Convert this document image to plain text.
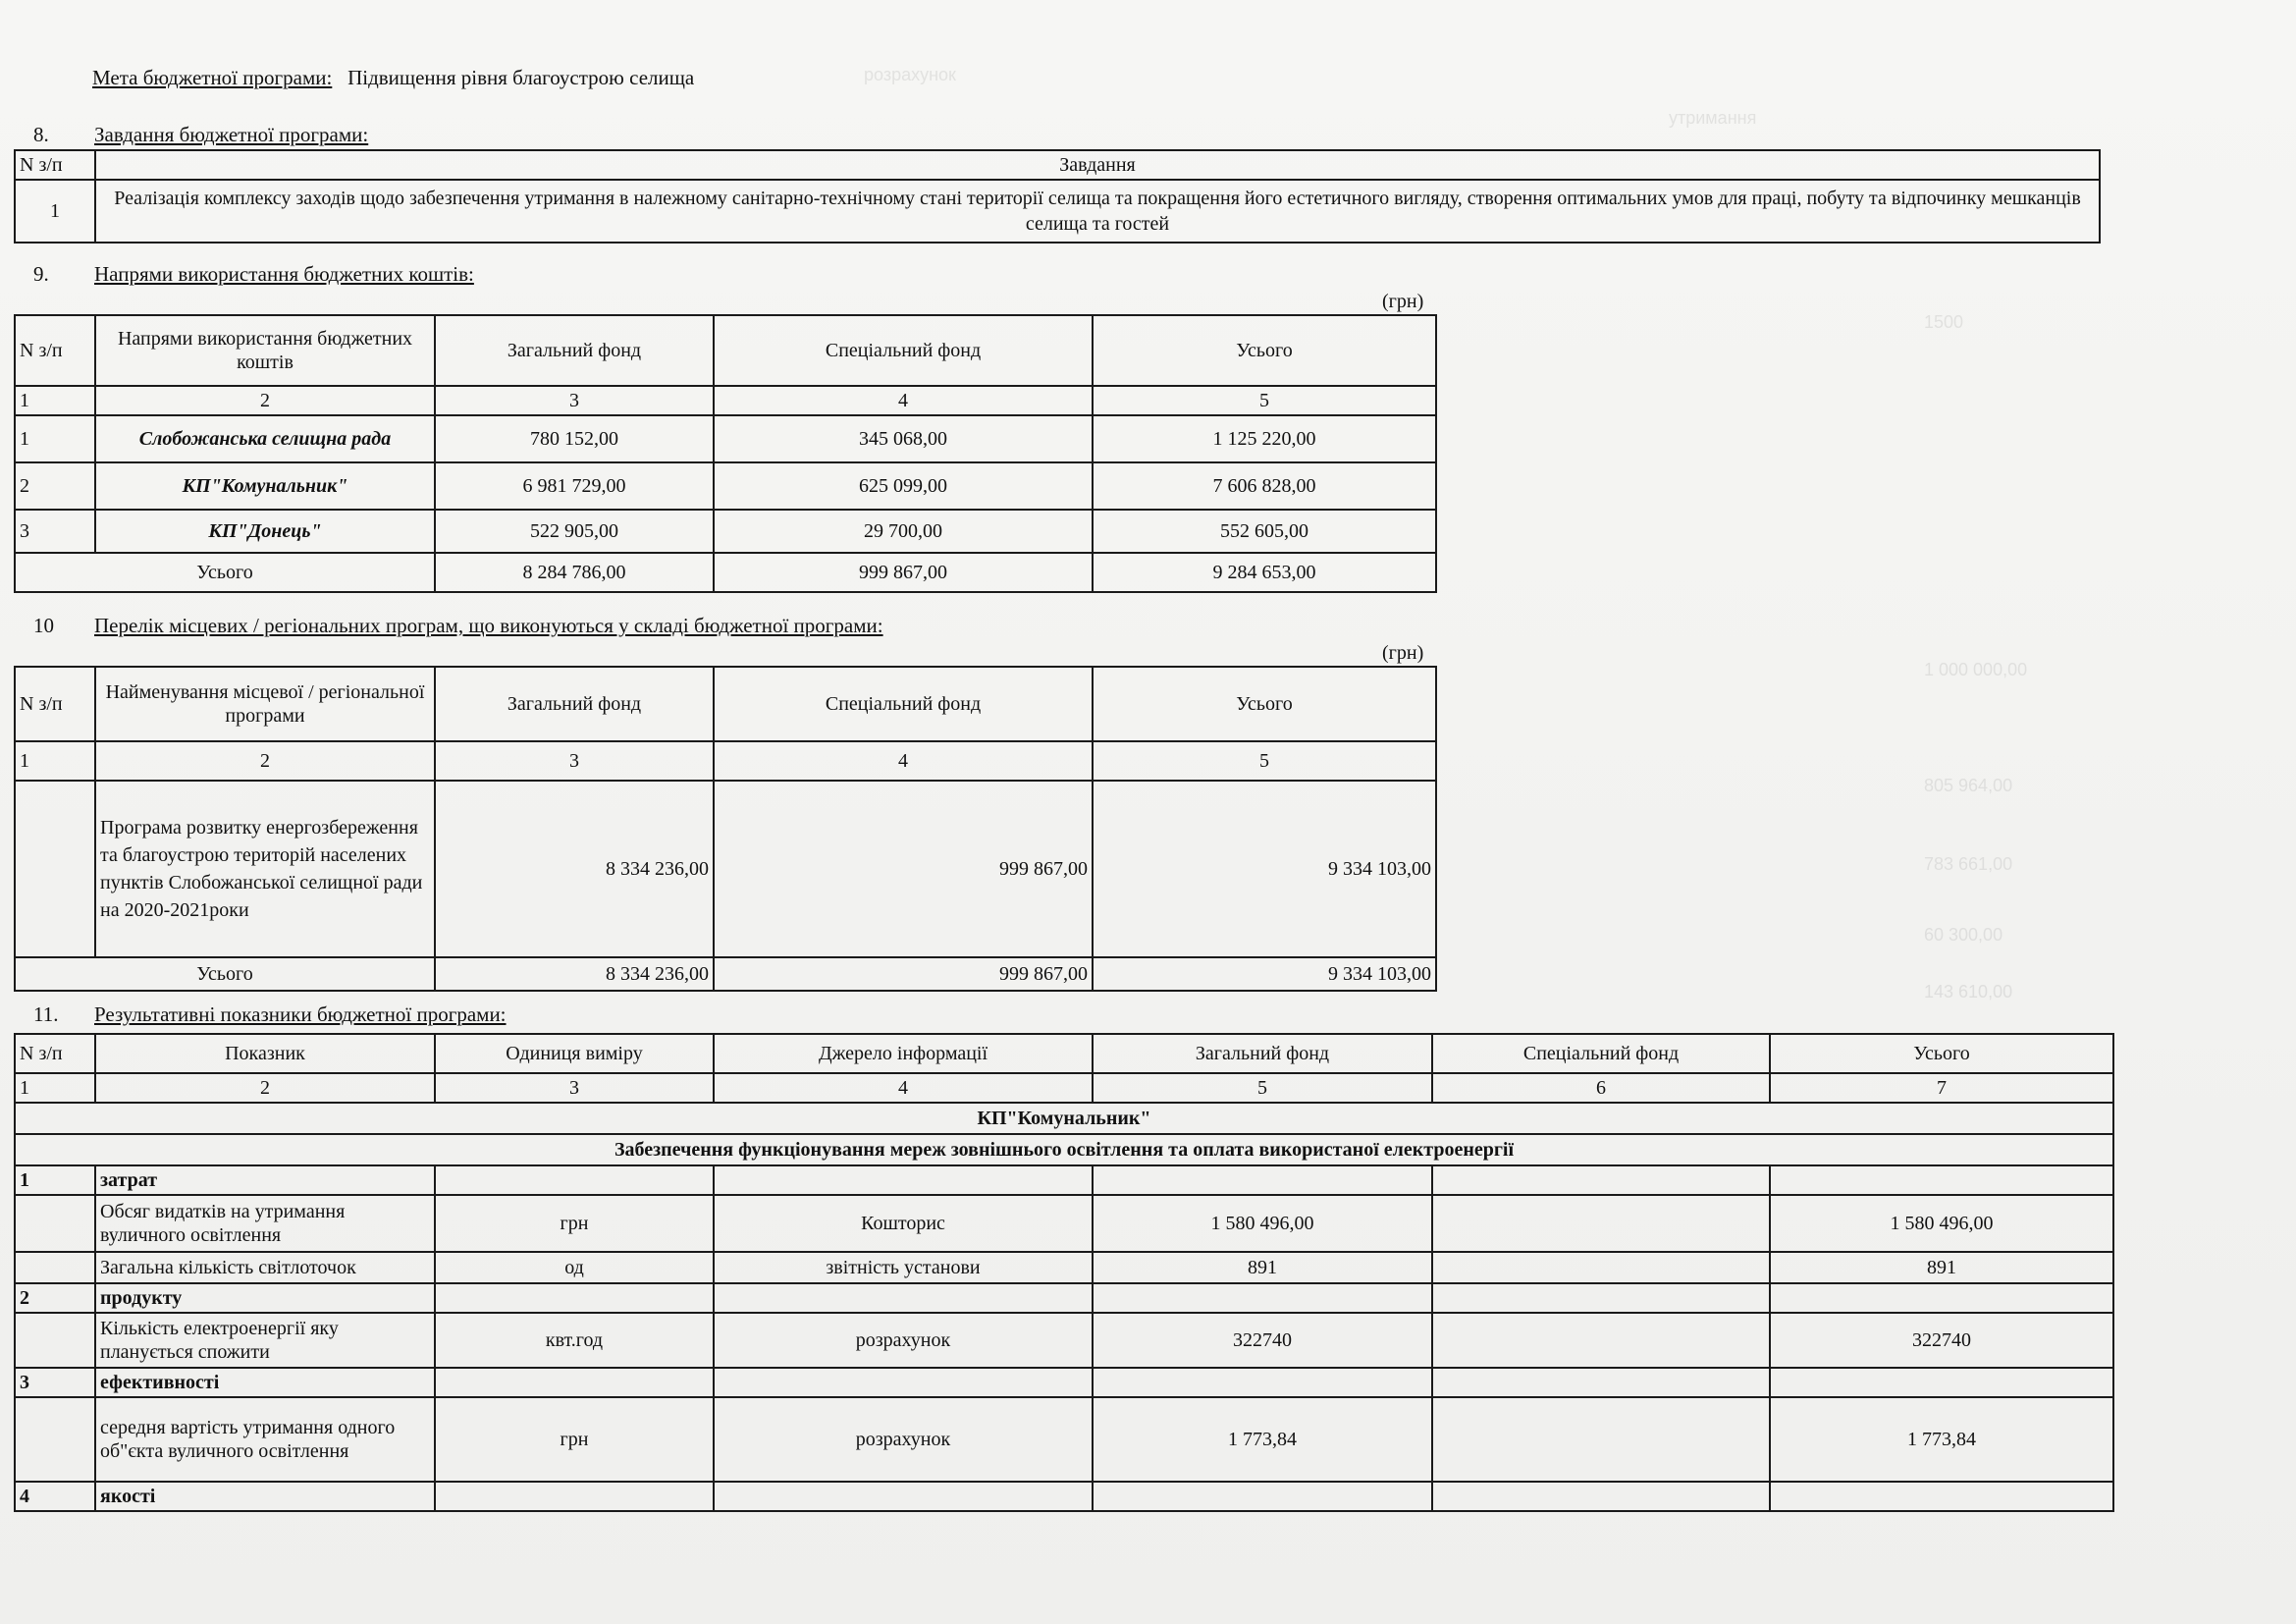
розрахунок
утримання
1500
1 000 000,00
805 964,00
783 661,00
60 300,00
143 610,00
Мета бюджетної програми: Підвищення рівня благоустрою селища
8. Завдання бюджетної програми:
N з/п	Завдання
1	Реалізація комплексу заходів щодо забезпечення утримання в належному санітарно-технічному стані території селища та покращення його естетичного вигляду, створення оптимальних умов для праці, побуту та відпочинку мешканців селища та гостей
9. Напрями використання бюджетних коштів:
(грн)
N з/п	Напрями використання бюджетних коштів	Загальний фонд	Спеціальний фонд	Усього
1	2	3	4	5
1	Слобожанська селищна рада	780 152,00	345 068,00	1 125 220,00
2	КП"Комунальник"	6 981 729,00	625 099,00	7 606 828,00
3	КП"Донець"	522 905,00	29 700,00	552 605,00
Усього		8 284 786,00	999 867,00	9 284 653,00
10 Перелік місцевих / регіональних програм, що виконуються у складі бюджетної програми:
(грн)
N з/п	Найменування місцевої / регіональної програми	Загальний фонд	Спеціальний фонд	Усього
1	2	3	4	5
	Програма розвитку енергозбереження та благоустрою територій населених пунктів Слобожанської селищної ради на 2020-2021роки	8 334 236,00	999 867,00	9 334 103,00
Усього		8 334 236,00	999 867,00	9 334 103,00
11. Результативні показники бюджетної програми:
N з/п	Показник	Одиниця виміру	Джерело інформації	Загальний фонд	Спеціальний фонд	Усього
1	2	3	4	5	6	7
КП"Комунальник"						
Забезпечення функціонування мереж зовнішнього освітлення та оплата використаної електроенергії						
1	затрат					
	Обсяг видатків на утримання вуличного освітлення	грн	Кошторис	1 580 496,00		1 580 496,00
	Загальна кількість світлоточок	од	звітність установи	891		891
2	продукту					
	Кількість електроенергії яку планується спожити	квт.год	розрахунок	322740		322740
3	ефективності					
	середня вартість утримання одного об"єкта вуличного освітлення	грн	розрахунок	1 773,84		1 773,84
4	якості					
